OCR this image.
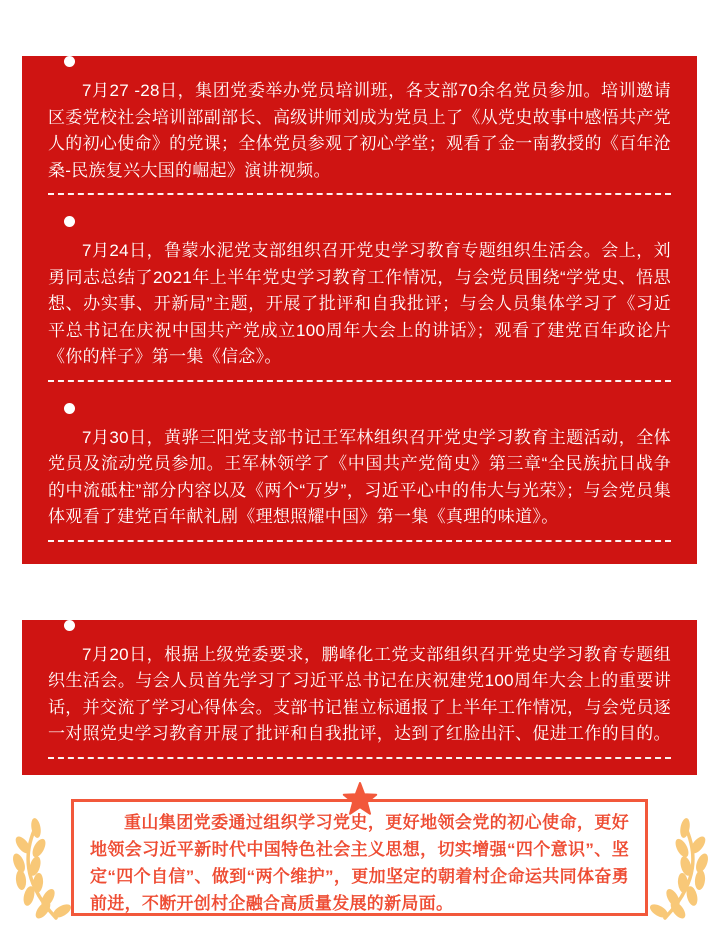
7月27 -28日，集团党委举办党员培训班，各支部70余名党员参加。培训邀请区委党校社会培训部副部长、高级讲师刘成为党员上了《从党史故事中感悟共产党人的初心使命》的党课；全体党员参观了初心学堂；观看了金一南教授的《百年沧桑-民族复兴大国的崛起》演讲视频。

7月24日，鲁蒙水泥党支部组织召开党史学习教育专题组织生活会。会上，刘勇同志总结了2021年上半年党史学习教育工作情况，与会党员围绕“学党史、悟思想、办实事、开新局”主题，开展了批评和自我批评；与会人员集体学习了《习近平总书记在庆祝中国共产党成立100周年大会上的讲话》；观看了建党百年政论片《你的样子》第一集《信念》。

7月30日，黄骅三阳党支部书记王军林组织召开党史学习教育主题活动，全体党员及流动党员参加。王军林领学了《中国共产党简史》第三章“全民族抗日战争的中流砥柱”部分内容以及《两个“万岁”，习近平心中的伟大与光荣》；与会党员集体观看了建党百年献礼剧《理想照耀中国》第一集《真理的味道》。

7月20日，根据上级党委要求，鹏峰化工党支部组织召开党史学习教育专题组织生活会。与会人员首先学习了习近平总书记在庆祝建党100周年大会上的重要讲话，并交流了学习心得体会。支部书记崔立标通报了上半年工作情况，与会党员逐一对照党史学习教育开展了批评和自我批评，达到了红脸出汗、促进工作的目的。

重山集团党委通过组织学习党史，更好地领会党的初心使命，更好地领会习近平新时代中国特色社会主义思想，切实增强“四个意识”、坚定“四个自信”、做到“两个维护”，更加坚定的朝着村企命运共同体奋勇前进，不断开创村企融合高质量发展的新局面。
